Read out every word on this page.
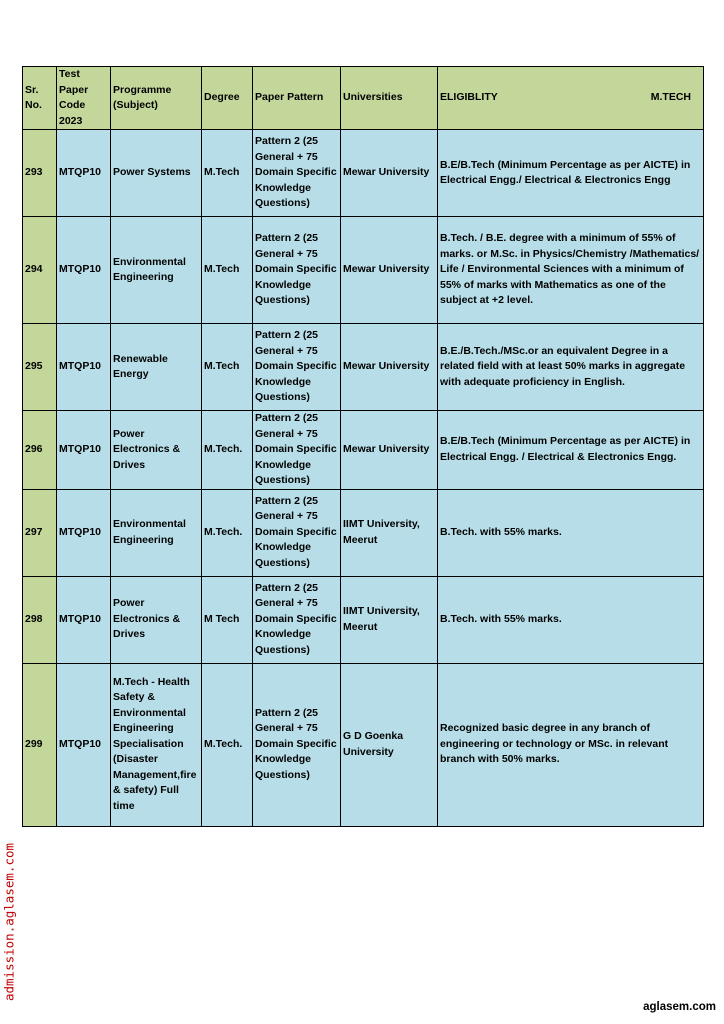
Sr. No.	Test Paper Code 2023	Programme (Subject)	Degree	Paper Pattern	Universities	ELIGIBLITY M.TECH

293	MTQP10	Power Systems	M.Tech	Pattern 2 (25 General + 75 Domain Specific Knowledge Questions)	Mewar University	B.E/B.Tech (Minimum Percentage as per AICTE) in Electrical Engg./ Electrical & Electronics Engg
294	MTQP10	Environmental Engineering	M.Tech	Pattern 2 (25 General + 75 Domain Specific Knowledge Questions)	Mewar University	B.Tech. / B.E. degree with a minimum of 55% of marks. or M.Sc. in Physics/Chemistry /Mathematics/ Life / Environmental Sciences with a minimum of 55% of marks with Mathematics as one of the subject at +2 level.
295	MTQP10	Renewable Energy	M.Tech	Pattern 2 (25 General + 75 Domain Specific Knowledge Questions)	Mewar University	B.E./B.Tech./MSc.or an equivalent Degree in a related field with at least 50% marks in aggregate with adequate proficiency in English.
296	MTQP10	Power Electronics & Drives	M.Tech.	Pattern 2 (25 General + 75 Domain Specific Knowledge Questions)	Mewar University	B.E/B.Tech (Minimum Percentage as per AICTE) in Electrical Engg. / Electrical & Electronics Engg.
297	MTQP10	Environmental Engineering	M.Tech.	Pattern 2 (25 General + 75 Domain Specific Knowledge Questions)	IIMT University, Meerut	B.Tech. with 55% marks.
298	MTQP10	Power Electronics & Drives	M Tech	Pattern 2 (25 General + 75 Domain Specific Knowledge Questions)	IIMT University, Meerut	B.Tech. with 55% marks.
299	MTQP10	M.Tech - Health Safety & Environmental Engineering Specialisation (Disaster Management,fire & safety) Full time	M.Tech.	Pattern 2 (25 General + 75 Domain Specific Knowledge Questions)	G D Goenka University	Recognized basic degree in any branch of engineering or technology or MSc. in relevant branch with 50% marks.
admission.aglasem.com
aglasem.com
